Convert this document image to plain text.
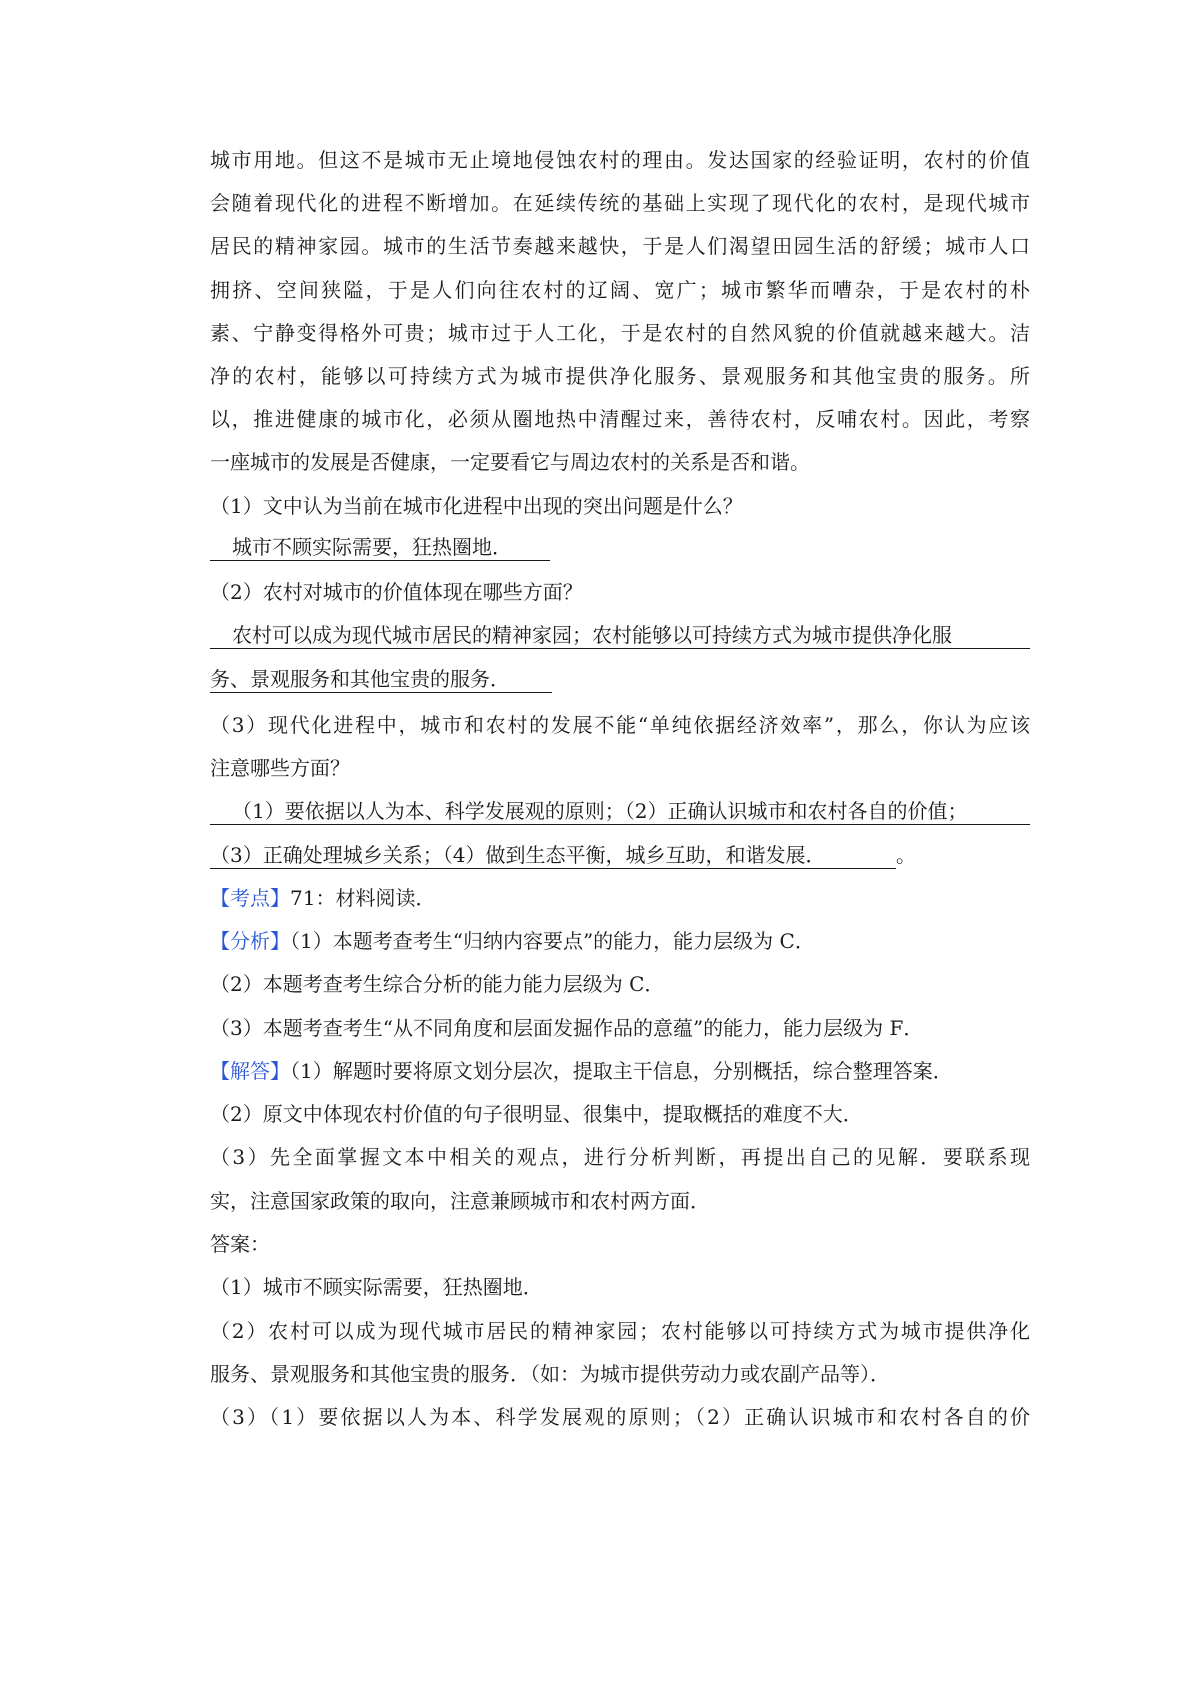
城市用地。但这不是城市无止境地侵蚀农村的理由。发达国家的经验证明，农村的价值
会随着现代化的进程不断增加。在延续传统的基础上实现了现代化的农村，是现代城市
居民的精神家园。城市的生活节奏越来越快，于是人们渴望田园生活的舒缓；城市人口
拥挤、空间狭隘，于是人们向往农村的辽阔、宽广；城市繁华而嘈杂，于是农村的朴
素、宁静变得格外可贵；城市过于人工化，于是农村的自然风貌的价值就越来越大。洁
净的农村，能够以可持续方式为城市提供净化服务、景观服务和其他宝贵的服务。所
以，推进健康的城市化，必须从圈地热中清醒过来，善待农村，反哺农村。因此，考察
一座城市的发展是否健康，一定要看它与周边农村的关系是否和谐。
（1）文中认为当前在城市化进程中出现的突出问题是什么？
城市不顾实际需要，狂热圈地．
（2）农村对城市的价值体现在哪些方面？
农村可以成为现代城市居民的精神家园；农村能够以可持续方式为城市提供净化服
务、景观服务和其他宝贵的服务．
（3）现代化进程中，城市和农村的发展不能“单纯依据经济效率”，那么，你认为应该
注意哪些方面？
（1）要依据以人为本、科学发展观的原则；（2）正确认识城市和农村各自的价值；
（3）正确处理城乡关系；（4）做到生态平衡，城乡互助，和谐发展．	。
【考点】71：材料阅读．
【分析】（1）本题考查考生“归纳内容要点”的能力，能力层级为 C．
（2）本题考查考生综合分析的能力能力层级为 C．
（3）本题考查考生“从不同角度和层面发掘作品的意蕴”的能力，能力层级为 F．
【解答】（1）解题时要将原文划分层次，提取主干信息，分别概括，综合整理答案．
（2）原文中体现农村价值的句子很明显、很集中，提取概括的难度不大．
（3）先全面掌握文本中相关的观点，进行分析判断，再提出自己的见解．要联系现
实，注意国家政策的取向，注意兼顾城市和农村两方面．
答案：
（1）城市不顾实际需要，狂热圈地．
（2）农村可以成为现代城市居民的精神家园；农村能够以可持续方式为城市提供净化
服务、景观服务和其他宝贵的服务．（如：为城市提供劳动力或农副产品等）．
（3）（1）要依据以人为本、科学发展观的原则；（2）正确认识城市和农村各自的价
